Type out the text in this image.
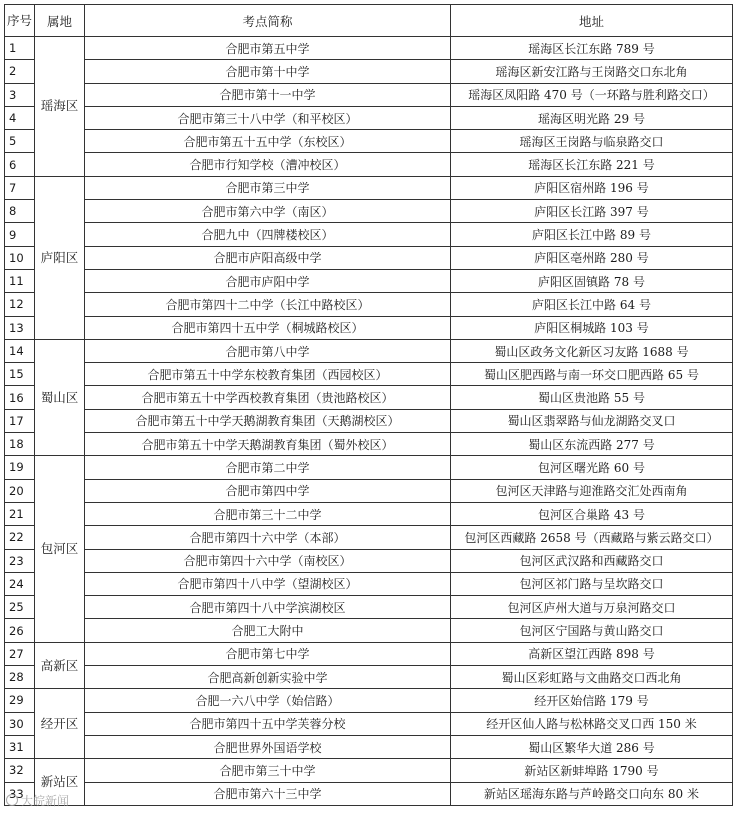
序号	属地	考点简称	地址
1	瑶海区	合肥市第五中学	瑶海区长江东路 789 号
2		合肥市第十中学	瑶海区新安江路与王岗路交口东北角
3		合肥市第十一中学	瑶海区凤阳路 470 号（一环路与胜利路交口）
4		合肥市第三十八中学（和平校区）	瑶海区明光路 29 号
5		合肥市第五十五中学（东校区）	瑶海区王岗路与临泉路交口
6		合肥市行知学校（漕冲校区）	瑶海区长江东路 221 号
7	庐阳区	合肥市第三中学	庐阳区宿州路 196 号
8		合肥市第六中学（南区）	庐阳区长江路 397 号
9		合肥九中（四牌楼校区）	庐阳区长江中路 89 号
10		合肥市庐阳高级中学	庐阳区亳州路 280 号
11		合肥市庐阳中学	庐阳区固镇路 78 号
12		合肥市第四十二中学（长江中路校区）	庐阳区长江中路 64 号
13		合肥市第四十五中学（桐城路校区）	庐阳区桐城路 103 号
14	蜀山区	合肥市第八中学	蜀山区政务文化新区习友路 1688 号
15		合肥市第五十中学东校教育集团（西园校区）	蜀山区肥西路与南一环交口肥西路 65 号
16		合肥市第五十中学西校教育集团（贵池路校区）	蜀山区贵池路 55 号
17		合肥市第五十中学天鹅湖教育集团（天鹅湖校区）	蜀山区翡翠路与仙龙湖路交叉口
18		合肥市第五十中学天鹅湖教育集团（蜀外校区）	蜀山区东流西路 277 号
19	包河区	合肥市第二中学	包河区曙光路 60 号
20		合肥市第四中学	包河区天津路与迎淮路交汇处西南角
21		合肥市第三十二中学	包河区合巢路 43 号
22		合肥市第四十六中学（本部）	包河区西藏路 2658 号（西藏路与紫云路交口）
23		合肥市第四十六中学（南校区）	包河区武汉路和西藏路交口
24		合肥市第四十八中学（望湖校区）	包河区祁门路与呈坎路交口
25		合肥市第四十八中学滨湖校区	包河区庐州大道与万泉河路交口
26		合肥工大附中	包河区宁国路与黄山路交口
27	高新区	合肥市第七中学	高新区望江西路 898 号
28		合肥高新创新实验中学	蜀山区彩虹路与文曲路交口西北角
29	经开区	合肥一六八中学（始信路）	经开区始信路 179 号
30		合肥市第四十五中学芙蓉分校	经开区仙人路与松林路交叉口西 150 米
31		合肥世界外国语学校	蜀山区繁华大道 286 号
32	新站区	合肥市第三十中学	新站区新蚌埠路 1790 号
33		合肥市第六十三中学	新站区瑶海东路与芦岭路交口向东 80 米
大皖新闻
